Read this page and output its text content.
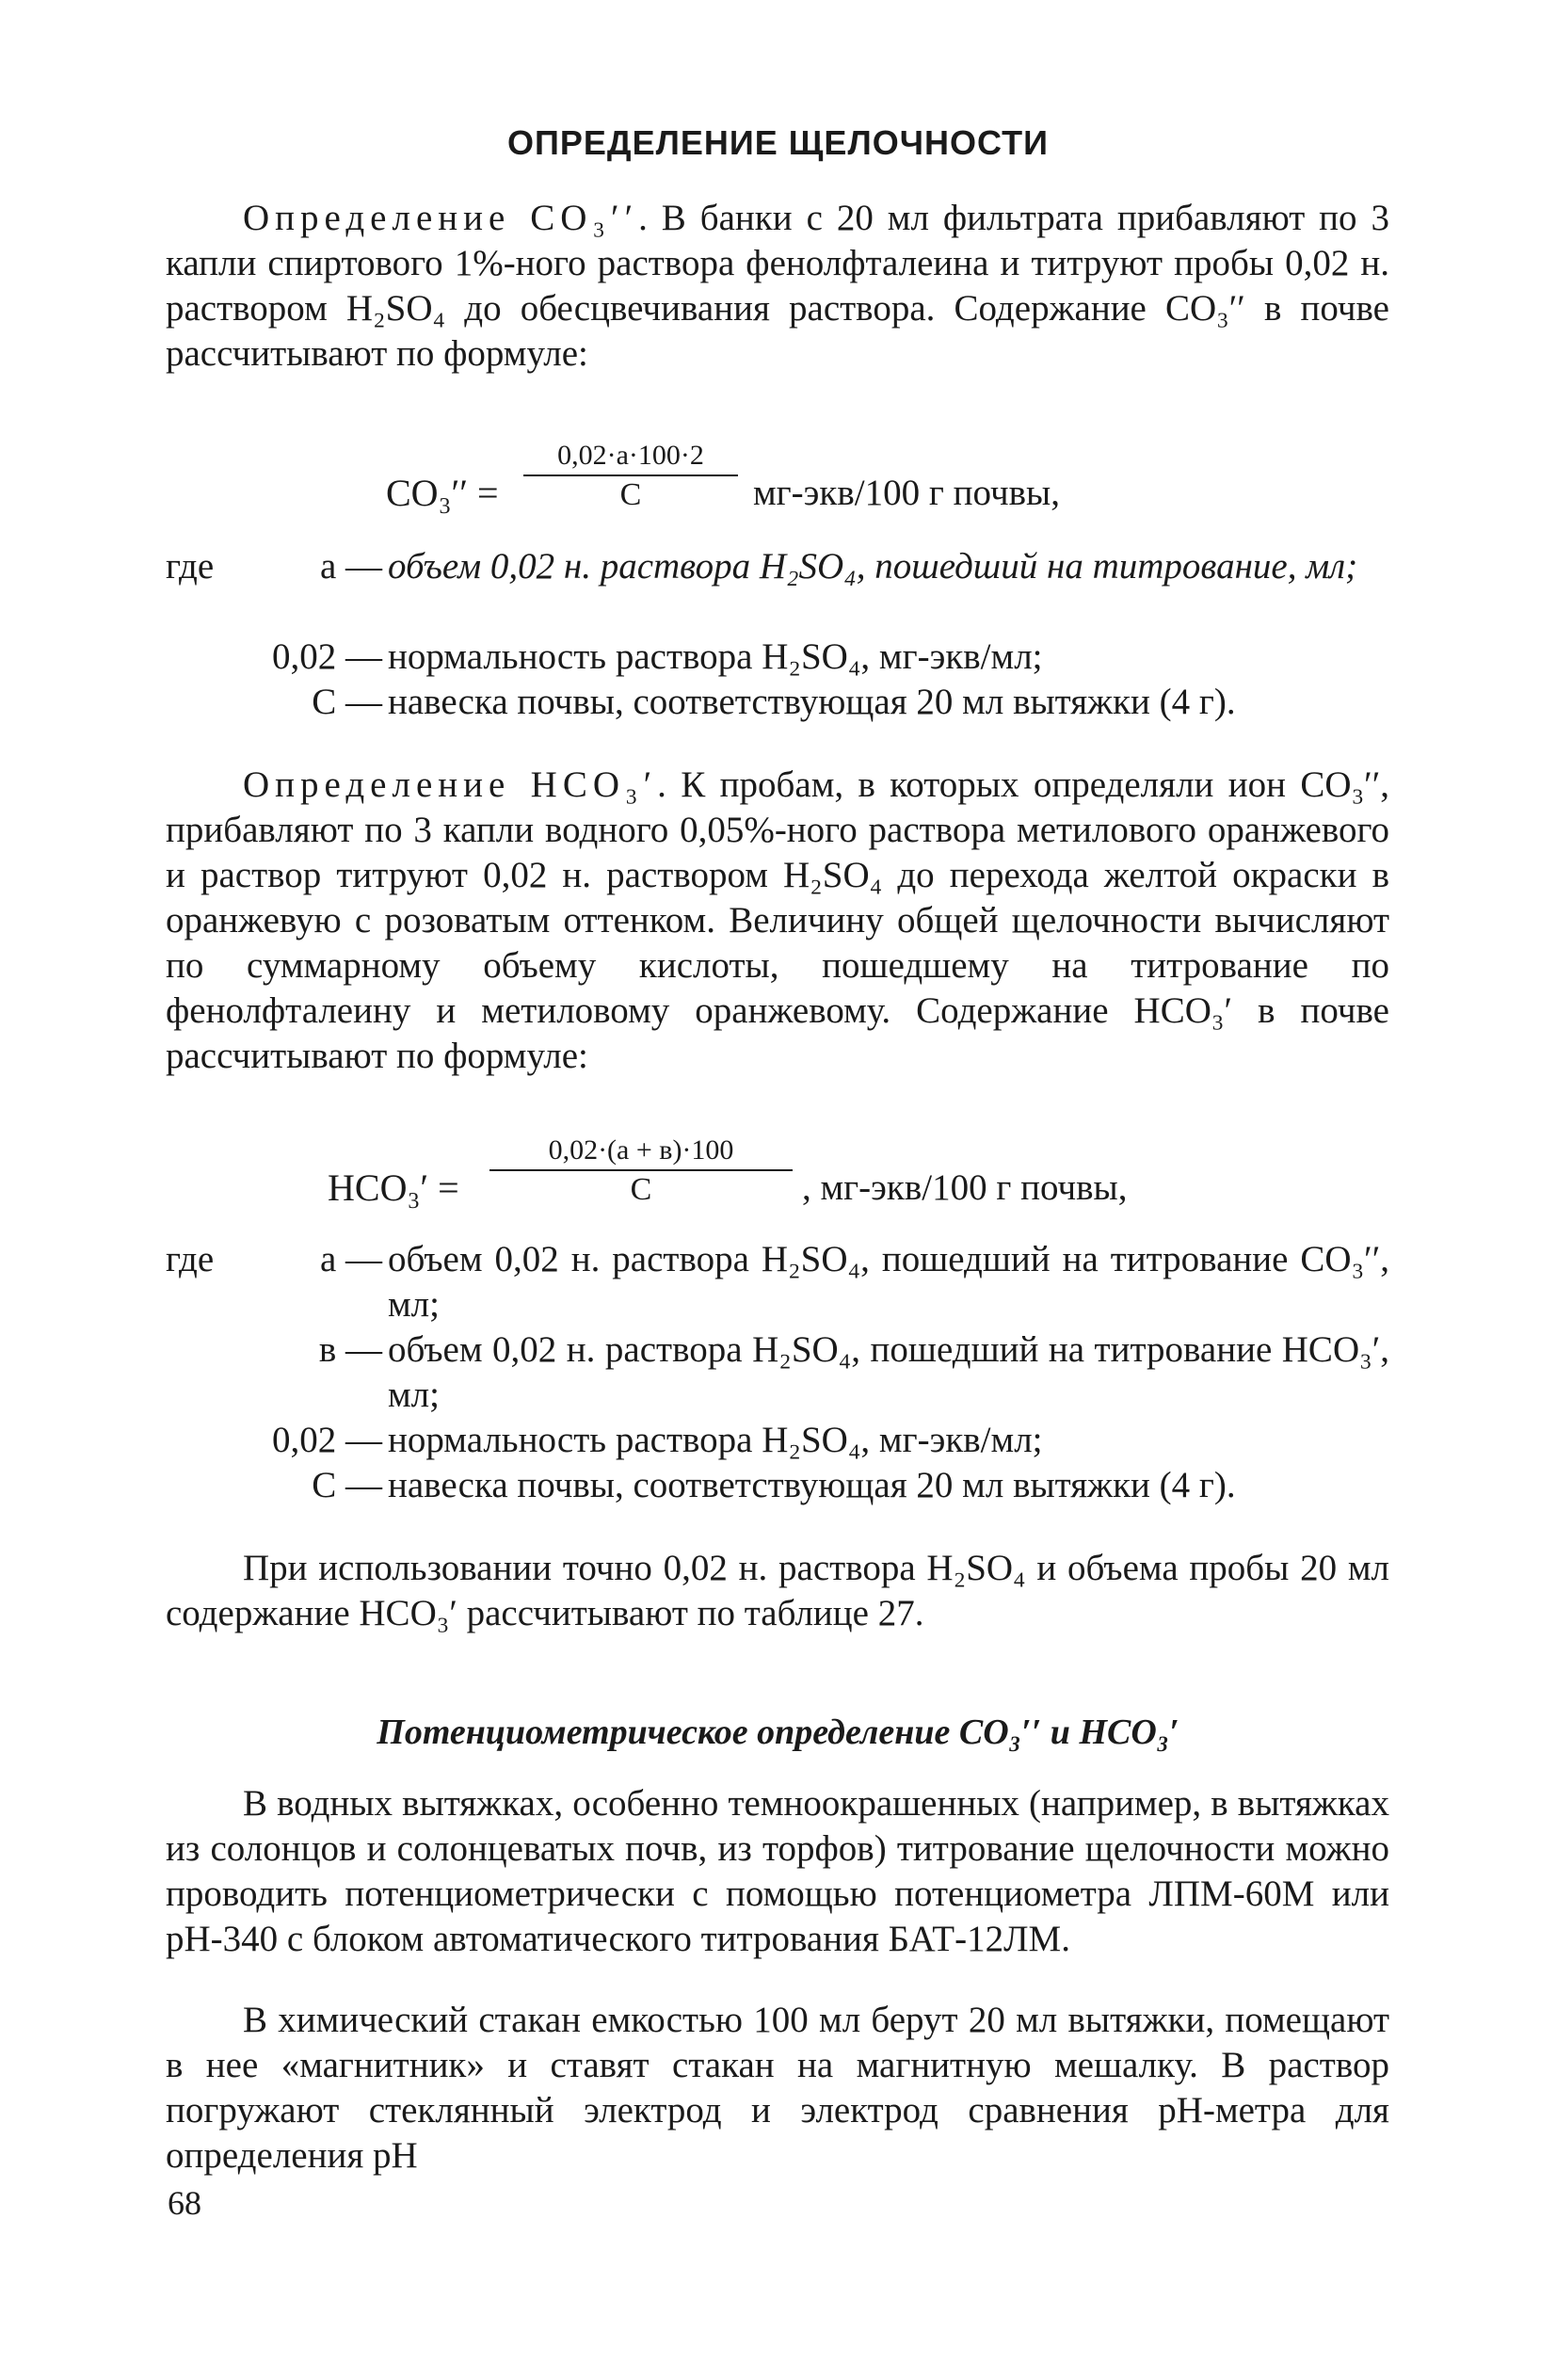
ОПРЕДЕЛЕНИЕ ЩЕЛОЧНОСТИ

Определение CO₃′′. В банки с 20 мл фильтрата прибавляют по 3 капли спиртового 1%-ного раствора фенолфталеина и титруют пробы 0,02 н. раствором H₂SO₄ до обесцвечивания раствора. Содержание CO₃′′ в почве рассчитывают по формуле:

CO₃′′ =
0,02·a·100·2
C	мг-экв/100 г почвы,
где	a — объем 0,02 н. раствора H₂SO₄, пошедший на титрование, мл;
0,02 — нормальность раствора H₂SO₄, мг-экв/мл;
C — навеска почвы, соответствующая 20 мл вытяжки (4 г).

Определение HCO₃′. К пробам, в которых определяли ион CO₃′′, прибавляют по 3 капли водного 0,05%-ного раствора метилового оранжевого и раствор титруют 0,02 н. раствором H₂SO₄ до перехода желтой окраски в оранжевую с розоватым оттенком. Величину общей щелочности вычисляют по суммарному объему кислоты, пошедшему на титрование по фенолфталеину и метиловому оранжевому. Содержание HCO₃′ в почве рассчитывают по формуле:

HCO₃′ =
0,02·(a + в)·100
C	, мг-экв/100 г почвы,
где	a — объем 0,02 н. раствора H₂SO₄, пошедший на титрование CO₃′′, мл;
в — объем 0,02 н. раствора H₂SO₄, пошедший на титрование HCO₃′, мл;
0,02 — нормальность раствора H₂SO₄, мг-экв/мл;
C — навеска почвы, соответствующая 20 мл вытяжки (4 г).

При использовании точно 0,02 н. раствора H₂SO₄ и объема пробы 20 мл содержание HCO₃′ рассчитывают по таблице 27.

Потенциометрическое определение CO₃′′ и HCO₃′

В водных вытяжках, особенно темноокрашенных (например, в вытяжках из солонцов и солонцеватых почв, из торфов) титрование щелочности можно проводить потенциометрически с помощью потенциометра ЛПМ-60М или pH-340 с блоком автоматического титрования БАТ-12ЛМ.

В химический стакан емкостью 100 мл берут 20 мл вытяжки, помещают в нее «магнитник» и ставят стакан на магнитную мешалку. В раствор погружают стеклянный электрод и электрод сравнения pH-метра для определения pH

68
